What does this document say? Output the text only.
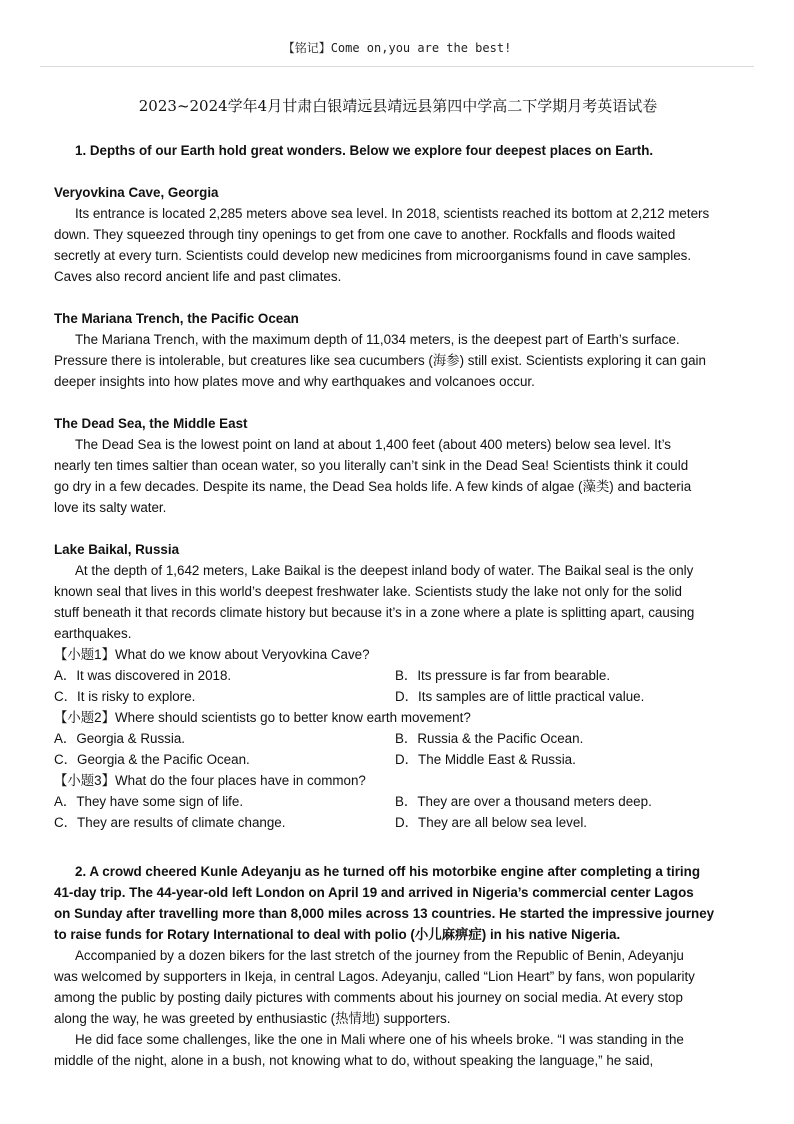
【铭记】Come on,you are the best!
2023~2024学年4月甘肃白银靖远县靖远县第四中学高二下学期月考英语试卷
1. Depths of our Earth hold great wonders. Below we explore four deepest places on Earth.
Veryovkina Cave, Georgia
Its entrance is located 2,285 meters above sea level. In 2018, scientists reached its bottom at 2,212 meters
down. They squeezed through tiny openings to get from one cave to another. Rockfalls and floods waited
secretly at every turn. Scientists could develop new medicines from microorganisms found in cave samples.
Caves also record ancient life and past climates.
The Mariana Trench, the Pacific Ocean
The Mariana Trench, with the maximum depth of 11,034 meters, is the deepest part of Earth’s surface.
Pressure there is intolerable, but creatures like sea cucumbers (海参) still exist. Scientists exploring it can gain
deeper insights into how plates move and why earthquakes and volcanoes occur.
The Dead Sea, the Middle East
The Dead Sea is the lowest point on land at about 1,400 feet (about 400 meters) below sea level. It’s
nearly ten times saltier than ocean water, so you literally can’t sink in the Dead Sea! Scientists think it could
go dry in a few decades. Despite its name, the Dead Sea holds life. A few kinds of algae (藻类) and bacteria
love its salty water.
Lake Baikal, Russia
At the depth of 1,642 meters, Lake Baikal is the deepest inland body of water. The Baikal seal is the only
known seal that lives in this world’s deepest freshwater lake. Scientists study the lake not only for the solid
stuff beneath it that records climate history but because it’s in a zone where a plate is splitting apart, causing
earthquakes.
【小题1】What do we know about Veryovkina Cave?
A．It was discovered in 2018.	B．Its pressure is far from bearable.
C．It is risky to explore.	D．Its samples are of little practical value.
【小题2】Where should scientists go to better know earth movement?
A．Georgia & Russia.	B．Russia & the Pacific Ocean.
C．Georgia & the Pacific Ocean.	D．The Middle East & Russia.
【小题3】What do the four places have in common?
A．They have some sign of life.	B．They are over a thousand meters deep.
C．They are results of climate change.	D．They are all below sea level.
2. A crowd cheered Kunle Adeyanju as he turned off his motorbike engine after completing a tiring
41-day trip. The 44-year-old left London on April 19 and arrived in Nigeria’s commercial center Lagos
on Sunday after travelling more than 8,000 miles across 13 countries. He started the impressive journey
to raise funds for Rotary International to deal with polio (小儿麻痹症) in his native Nigeria.
Accompanied by a dozen bikers for the last stretch of the journey from the Republic of Benin, Adeyanju
was welcomed by supporters in Ikeja, in central Lagos. Adeyanju, called “Lion Heart” by fans, won popularity
among the public by posting daily pictures with comments about his journey on social media. At every stop
along the way, he was greeted by enthusiastic (热情地) supporters.
He did face some challenges, like the one in Mali where one of his wheels broke. “I was standing in the
middle of the night, alone in a bush, not knowing what to do, without speaking the language,” he said,
